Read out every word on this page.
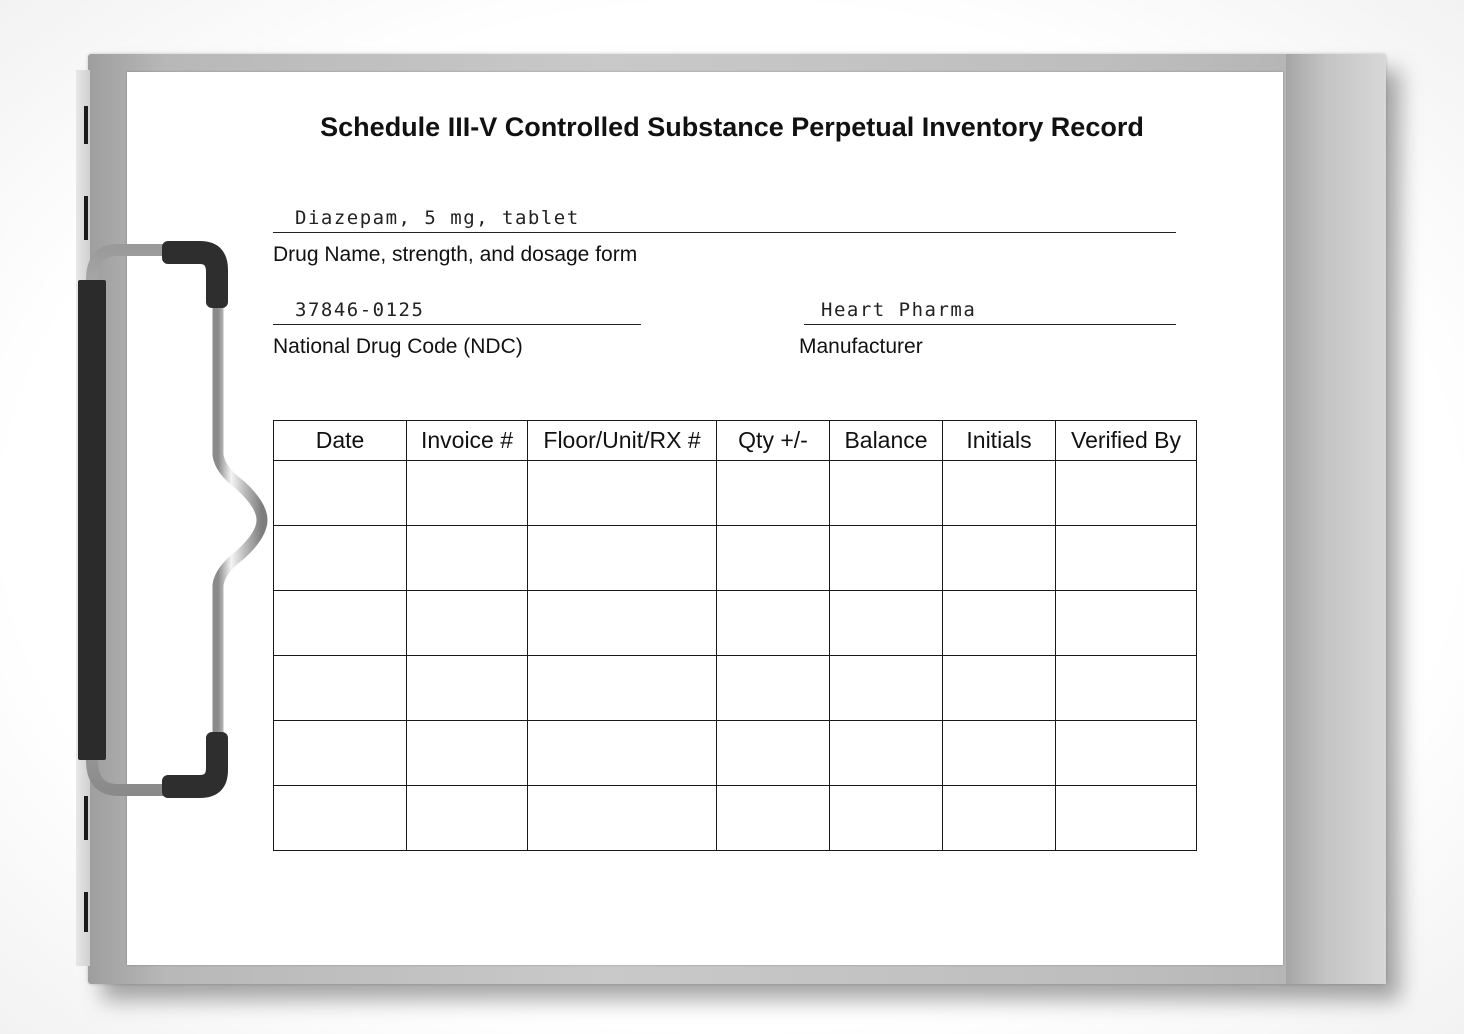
Schedule III-V Controlled Substance Perpetual Inventory Record
Diazepam, 5 mg, tablet
Drug Name, strength, and dosage form
37846-0125
National Drug Code (NDC)
Heart Pharma
Manufacturer
Date	Invoice #	Floor/Unit/RX #	Qty +/-	Balance	Initials	Verified By
